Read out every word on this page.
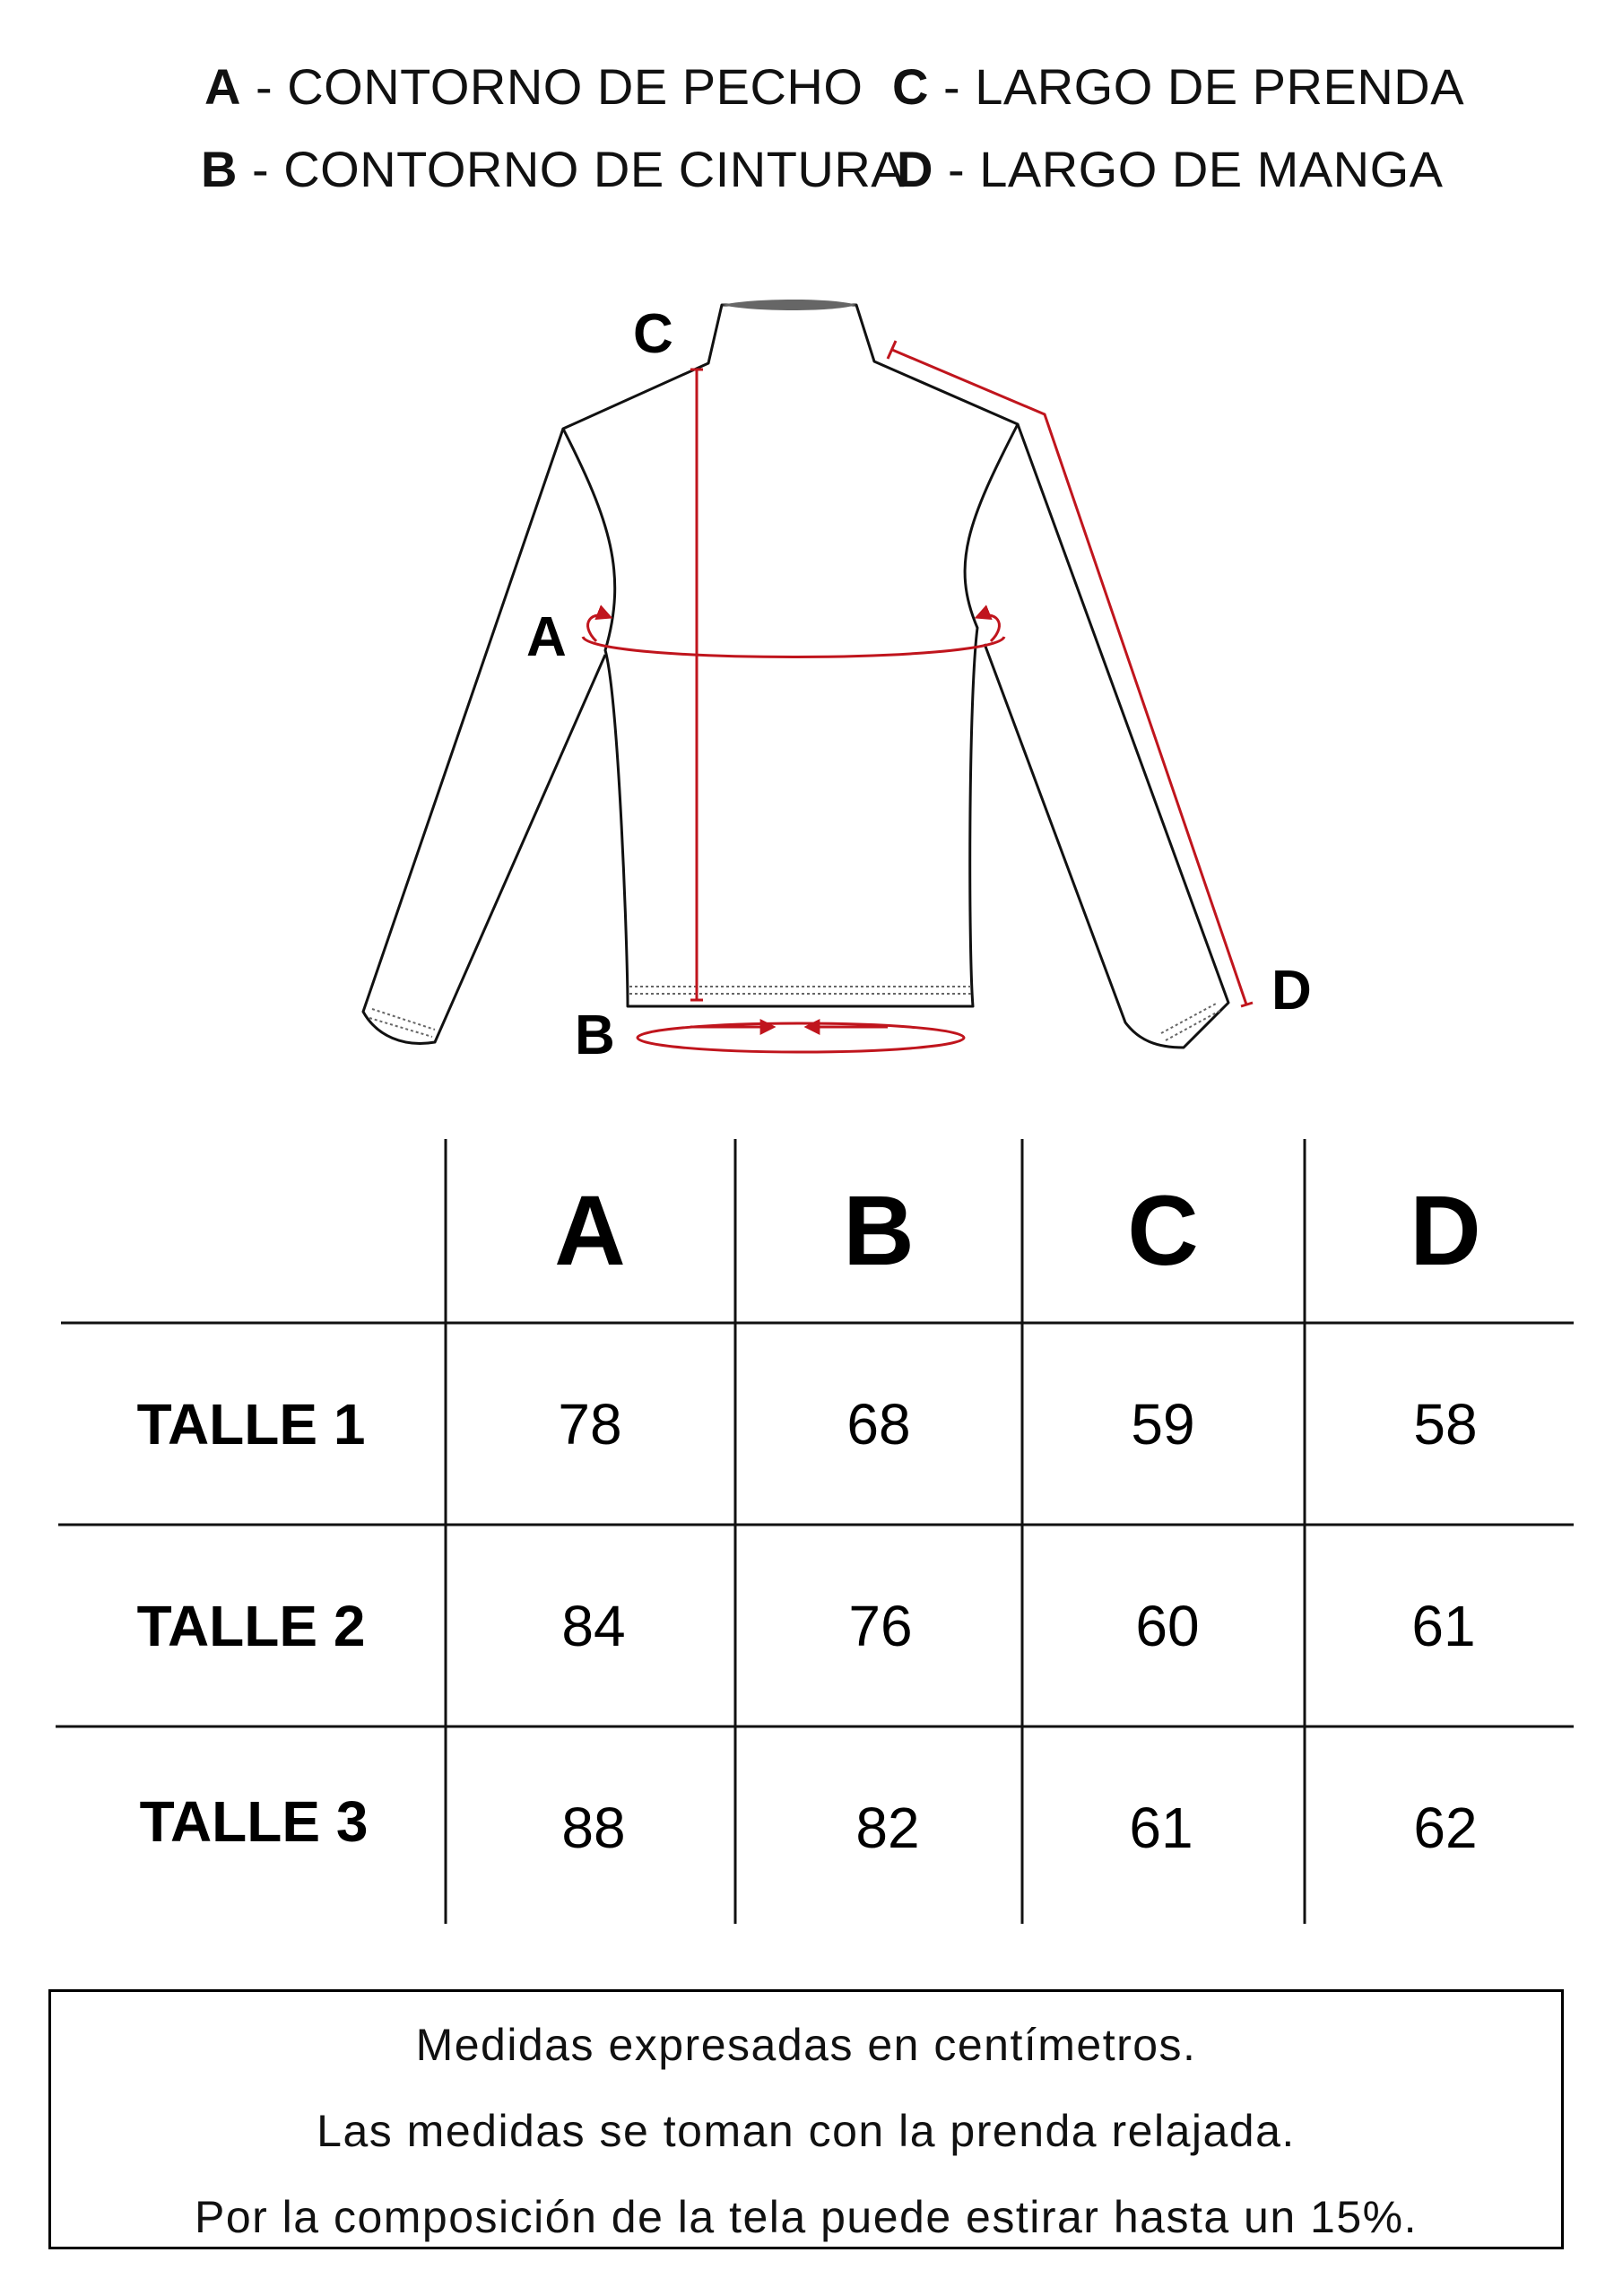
A - CONTORNO DE PECHO
B - CONTORNO DE CINTURA
C - LARGO DE PRENDA
D - LARGO DE MANGA
C
A
B
D
A B C D
TALLE 1	78	68	59	58
TALLE 2	84	76	60	61
TALLE 3	88	82	61	62
Medidas expresadas en centímetros.
Las medidas se toman con la prenda relajada.
Por la composición de la tela puede estirar hasta un 15%.
